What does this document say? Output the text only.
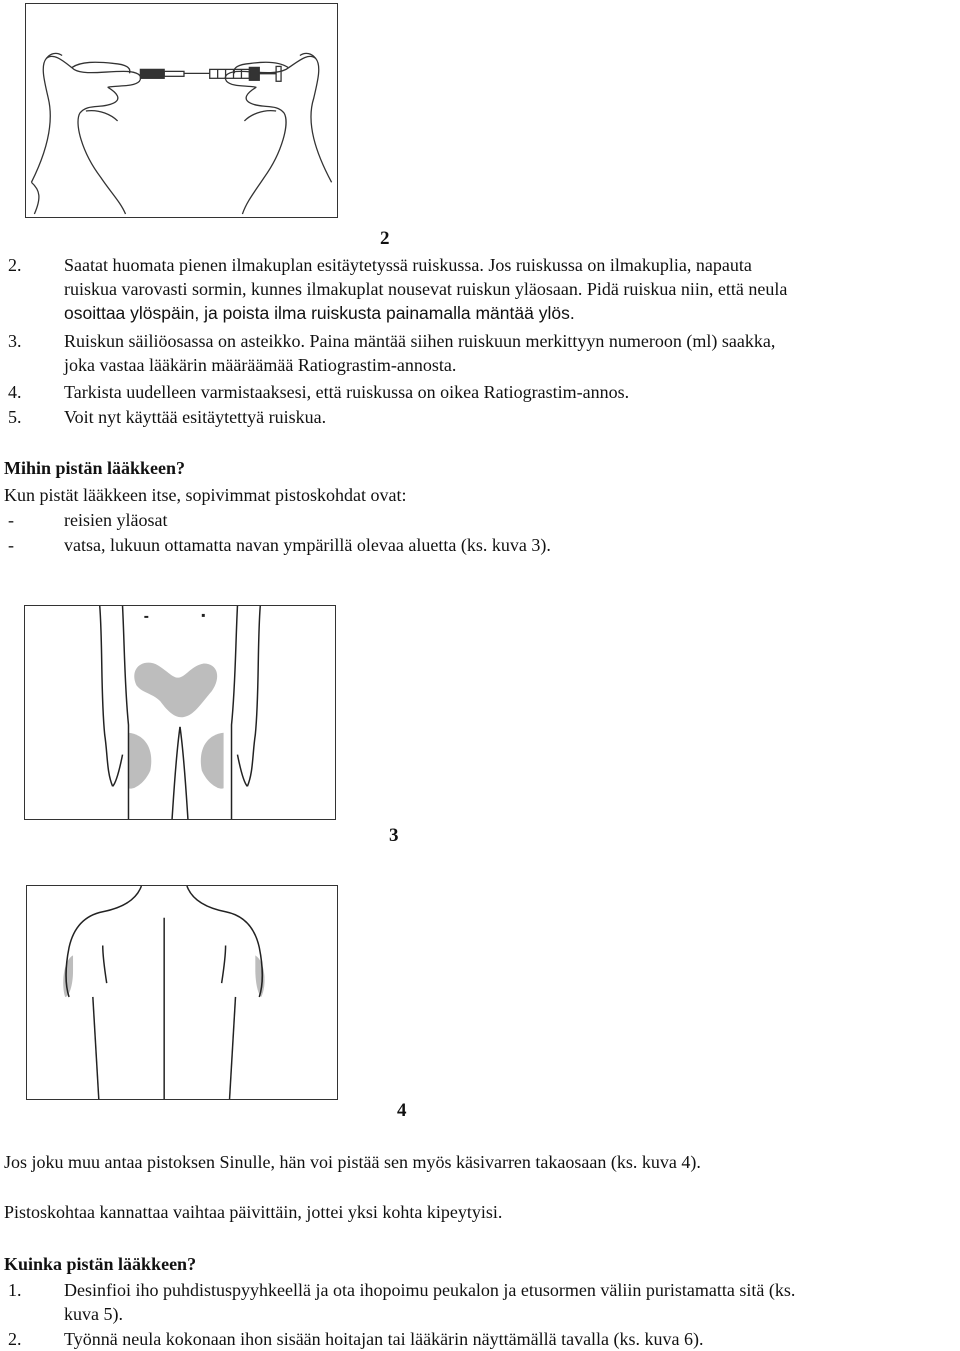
2
2.	Saatat huomata pienen ilmakuplan esitäytetyssä ruiskussa. Jos ruiskussa on ilmakuplia, napauta
ruiskua varovasti sormin, kunnes ilmakuplat nousevat ruiskun yläosaan. Pidä ruiskua niin, että neula
osoittaa ylöspäin, ja poista ilma ruiskusta painamalla mäntää ylös.
3.	Ruiskun säiliöosassa on asteikko. Paina mäntää siihen ruiskuun merkittyyn numeroon (ml) saakka,
joka vastaa lääkärin määräämää Ratiograstim-annosta.
4.	Tarkista uudelleen varmistaaksesi, että ruiskussa on oikea Ratiograstim-annos.
5.	Voit nyt käyttää esitäytettyä ruiskua.
Mihin pistän lääkkeen?
Kun pistät lääkkeen itse, sopivimmat pistoskohdat ovat:
-	reisien yläosat
-	vatsa, lukuun ottamatta navan ympärillä olevaa aluetta (ks. kuva 3).
3
4
Jos joku muu antaa pistoksen Sinulle, hän voi pistää sen myös käsivarren takaosaan (ks. kuva 4).
Pistoskohtaa kannattaa vaihtaa päivittäin, jottei yksi kohta kipeytyisi.
Kuinka pistän lääkkeen?
1.	Desinfioi iho puhdistuspyyhkeellä ja ota ihopoimu peukalon ja etusormen väliin puristamatta sitä (ks.
kuva 5).
2.	Työnnä neula kokonaan ihon sisään hoitajan tai lääkärin näyttämällä tavalla (ks. kuva 6).
